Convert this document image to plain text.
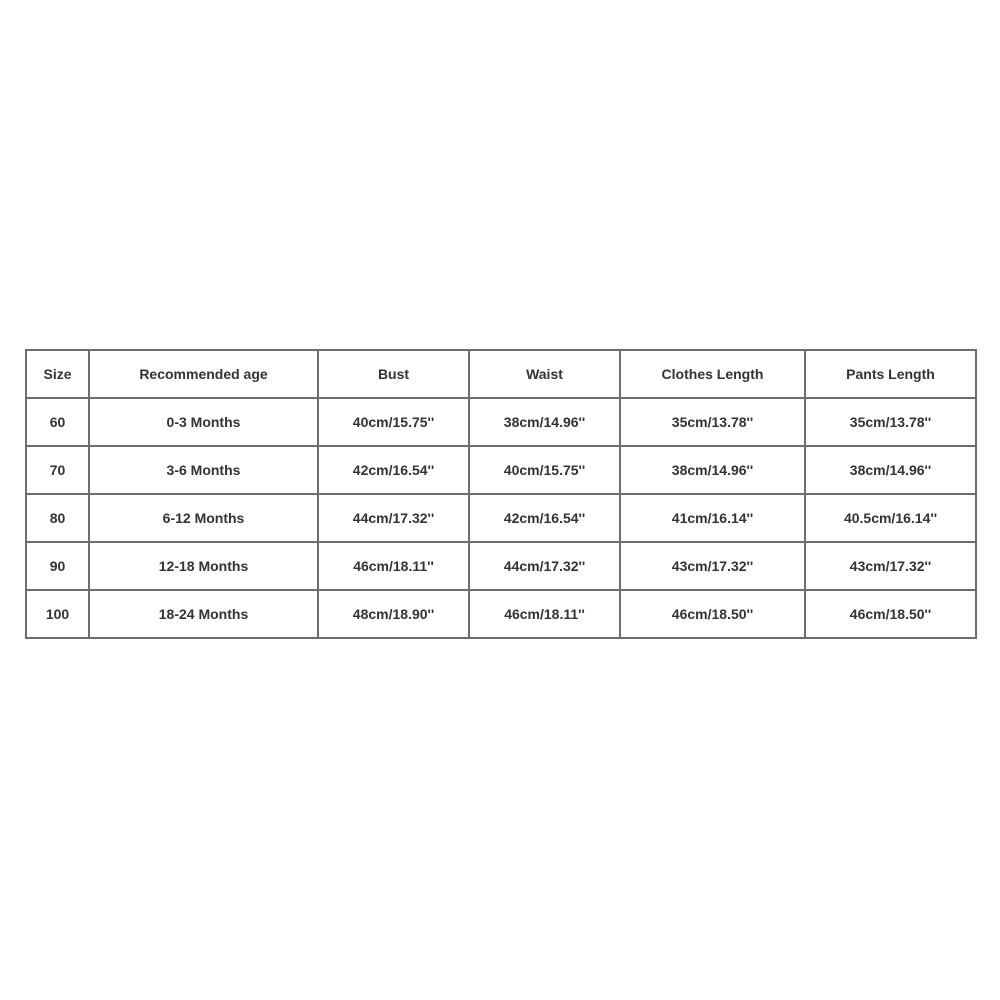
Size	Recommended age	Bust	Waist	Clothes Length	Pants Length
60	0-3 Months	40cm/15.75''	38cm/14.96''	35cm/13.78''	35cm/13.78''
70	3-6 Months	42cm/16.54''	40cm/15.75''	38cm/14.96''	38cm/14.96''
80	6-12 Months	44cm/17.32''	42cm/16.54''	41cm/16.14''	40.5cm/16.14''
90	12-18 Months	46cm/18.11''	44cm/17.32''	43cm/17.32''	43cm/17.32''
100	18-24 Months	48cm/18.90''	46cm/18.11''	46cm/18.50''	46cm/18.50''
